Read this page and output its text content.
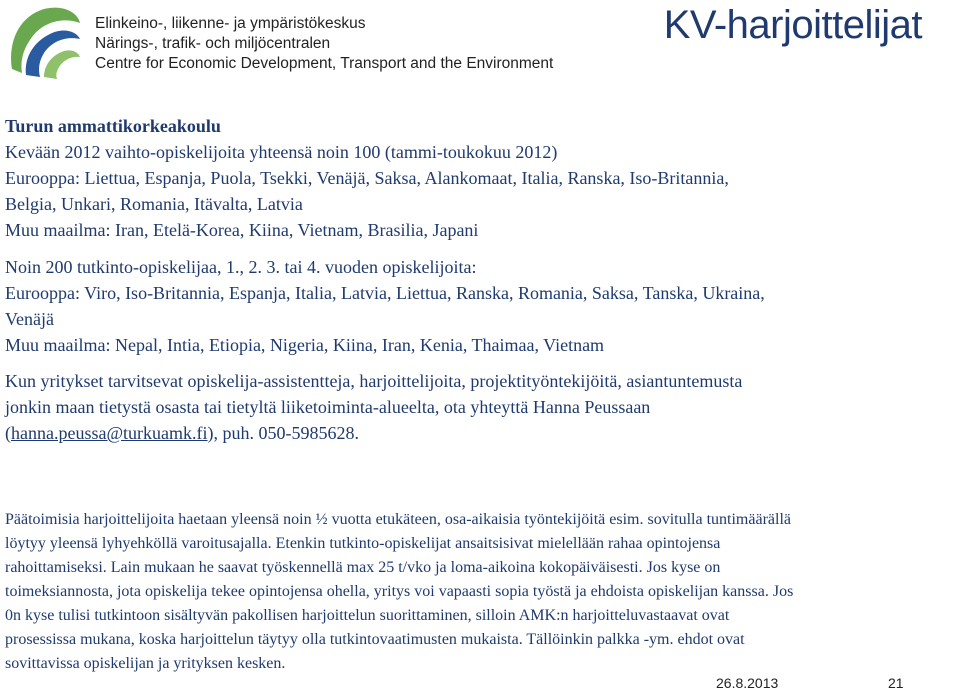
Elinkeino-, liikenne- ja ympäristökeskus
Närings-, trafik- och miljöcentralen
Centre for Economic Development, Transport and the Environment
KV-harjoittelijat
Turun ammattikorkeakoulu
Kevään 2012 vaihto-opiskelijoita yhteensä noin 100 (tammi-toukokuu 2012)
Eurooppa: Liettua, Espanja, Puola, Tsekki, Venäjä, Saksa, Alankomaat, Italia, Ranska, Iso-Britannia,
Belgia, Unkari, Romania, Itävalta, Latvia
Muu maailma: Iran, Etelä-Korea, Kiina, Vietnam, Brasilia, Japani
Noin 200 tutkinto-opiskelijaa, 1., 2. 3. tai 4. vuoden opiskelijoita:
Eurooppa: Viro, Iso-Britannia, Espanja, Italia, Latvia, Liettua, Ranska, Romania, Saksa, Tanska, Ukraina,
Venäjä
Muu maailma: Nepal, Intia, Etiopia, Nigeria, Kiina, Iran, Kenia, Thaimaa, Vietnam
Kun yritykset tarvitsevat opiskelija-assistentteja, harjoittelijoita, projektityöntekijöitä, asiantuntemusta
jonkin maan tietystä osasta tai tietyltä liiketoiminta-alueelta, ota yhteyttä Hanna Peussaan
(hanna.peussa@turkuamk.fi), puh. 050-5985628.
Päätoimisia harjoittelijoita haetaan yleensä noin ½ vuotta etukäteen, osa-aikaisia työntekijöitä esim. sovitulla tuntimäärällä
löytyy yleensä lyhyehköllä varoitusajalla. Etenkin tutkinto-opiskelijat ansaitsisivat mielellään rahaa opintojensa
rahoittamiseksi. Lain mukaan he saavat työskennellä max 25 t/vko ja loma-aikoina kokopäiväisesti. Jos kyse on
toimeksiannosta, jota opiskelija tekee opintojensa ohella, yritys voi vapaasti sopia työstä ja ehdoista opiskelijan kanssa. Jos
0n kyse tulisi tutkintoon sisältyvän pakollisen harjoittelun suorittaminen, silloin AMK:n harjoitteluvastaavat ovat
prosessissa mukana, koska harjoittelun täytyy olla tutkintovaatimusten mukaista. Tällöinkin palkka -ym. ehdot ovat
sovittavissa opiskelijan ja yrityksen kesken.
26.8.2013	21
